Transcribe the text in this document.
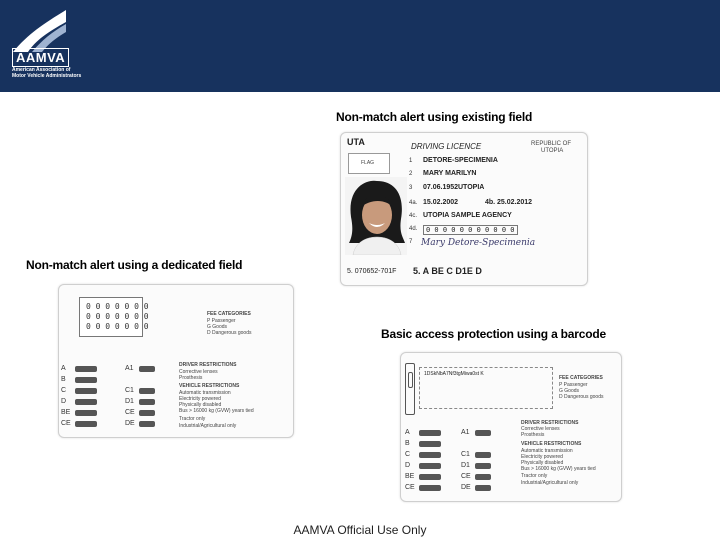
AAMVA
American Association of
Motor Vehicle Administrators
Non-match alert using existing field
UTA	DRIVING LICENCE	REPUBLIC OF
UTOPIA
FLAG	1 DETORE-SPECIMENIA
2 MARY MARILYN
3 07.06.1952
4a. 15.02.2002
4c. UTOPIA SAMPLE AGENCY
4d.	0 0 0 0 0 0 0 0 0 0 0
7
UTOPIA
4b. 25.02.2012
Mary Detore-Specimenia
5. 070652-701F 5. A BE C D1E D
Non-match alert using a dedicated field
0 0 0 0 0 0 0
0 0 0 0 0 0 0
0 0 0 0 0 0 0
FEE CATEGORIES
P Passenger
G Goods
D Dangerous goods
DRIVER RESTRICTIONS
Corrective lenses
Prosthesis
VEHICLE RESTRICTIONS
Automatic transmission
Electricity powered
Physically disabled
Bus > 16000 kg (GVW) years tied
Tractor only
Industrial/Agricultural only
A	A1
B
C	C1
D	D1
BE	CE
CE	DE
Basic access protection using a barcode
1DSkNbA7Nf3tgMiwa0st K
FEE CATEGORIES
P Passenger
G Goods
D Dangerous goods
DRIVER RESTRICTIONS
Corrective lenses
Prosthesis
VEHICLE RESTRICTIONS
Automatic transmission
Electricity powered
Physically disabled
Bus > 16000 kg (GVW) years tied
Tractor only
Industrial/Agricultural only
A	A1
B
C	C1
D	D1
BE	CE
CE	DE
AAMVA Official Use Only
